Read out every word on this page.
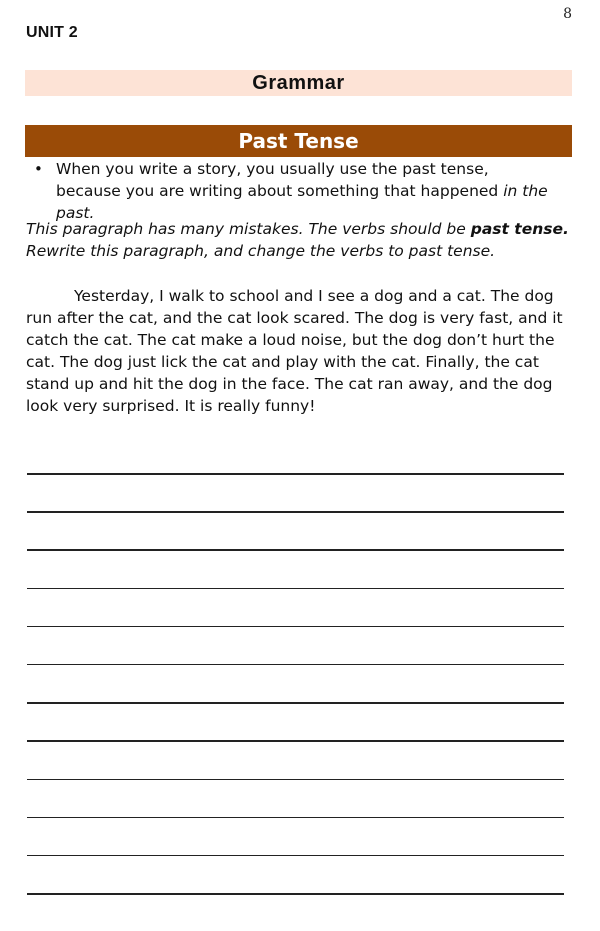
8
UNIT 2
Grammar
Past Tense
• When you write a story, you usually use the past tense, because you are writing about something that happened in the past.
This paragraph has many mistakes. The verbs should be past tense. Rewrite this paragraph, and change the verbs to past tense.
Yesterday, I walk to school and I see a dog and a cat. The dog run after the cat, and the cat look scared. The dog is very fast, and it catch the cat. The cat make a loud noise, but the dog don’t hurt the cat. The dog just lick the cat and play with the cat. Finally, the cat stand up and hit the dog in the face. The cat ran away, and the dog look very surprised. It is really funny!
